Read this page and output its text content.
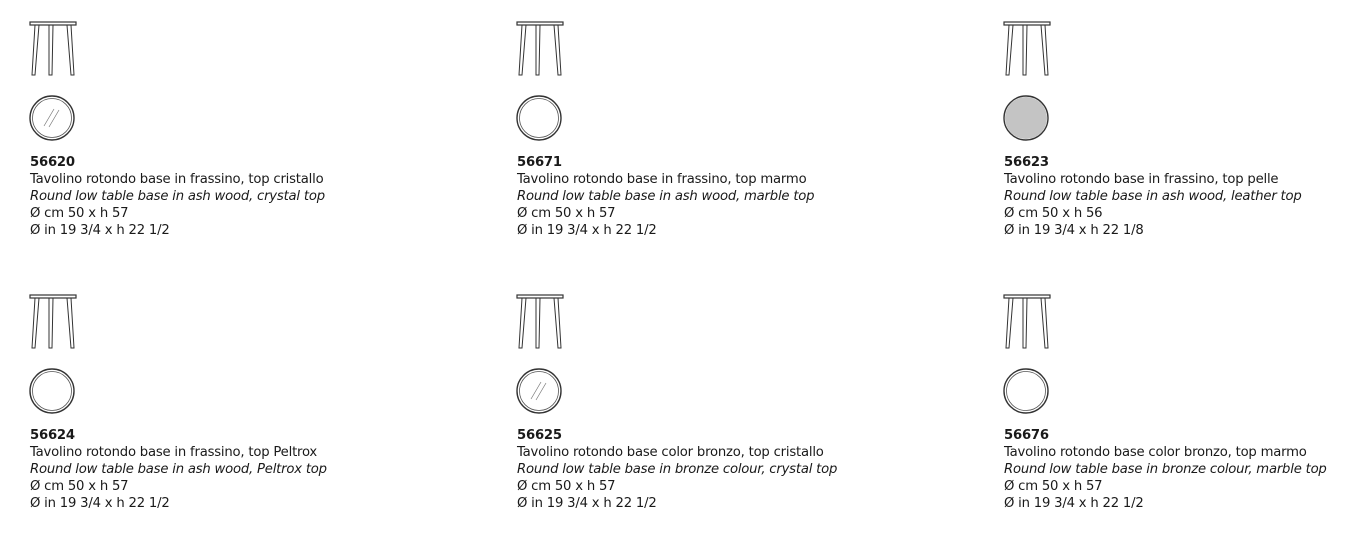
56620
Tavolino rotondo base in frassino, top cristallo
Round low table base in ash wood, crystal top
Ø cm 50 x h 57
Ø in 19 3/4 x h 22 1/2
56671
Tavolino rotondo base in frassino, top marmo
Round low table base in ash wood, marble top
Ø cm 50 x h 57
Ø in 19 3/4 x h 22 1/2
56623
Tavolino rotondo base in frassino, top pelle
Round low table base in ash wood, leather top
Ø cm 50 x h 56
Ø in 19 3/4 x h 22 1/8
56624
Tavolino rotondo base in frassino, top Peltrox
Round low table base in ash wood, Peltrox top
Ø cm 50 x h 57
Ø in 19 3/4 x h 22 1/2
56625
Tavolino rotondo base color bronzo, top cristallo
Round low table base in bronze colour, crystal top
Ø cm 50 x h 57
Ø in 19 3/4 x h 22 1/2
56676
Tavolino rotondo base color bronzo, top marmo
Round low table base in bronze colour, marble top
Ø cm 50 x h 57
Ø in 19 3/4 x h 22 1/2
